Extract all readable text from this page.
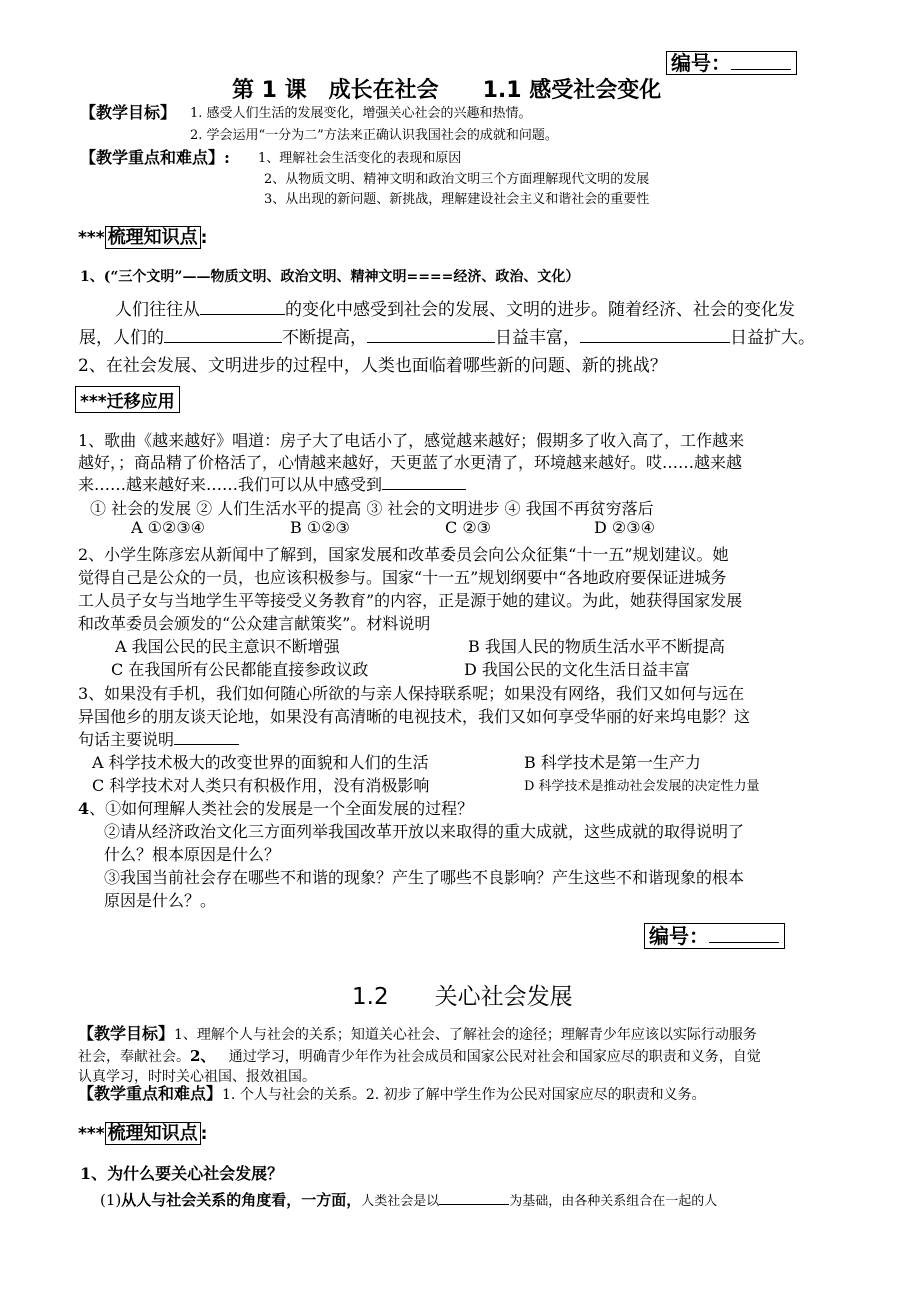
编号：
第 1 课　成长在社会　　1.1 感受社会变化
【教学目标】 1. 感受人们生活的发展变化，增强关心社会的兴趣和热情。
2. 学会运用“一分为二”方法来正确认识我国社会的成就和问题。
【教学重点和难点】: 1、理解社会生活变化的表现和原因
2、从物质文明、精神文明和政治文明三个方面理解现代文明的发展
3、从出现的新问题、新挑战，理解建设社会主义和谐社会的重要性
*** 梳理知识点 :
1、(“三个文明”——物质文明、政治文明、精神文明====经济、政治、文化）
人们往往从	的变化中感受到社会的发展、文明的进步。随着经济、社会的变化发
展，人们的	不断提高，	日益丰富，	日益扩大。
2、在社会发展、文明进步的过程中，人类也面临着哪些新的问题、新的挑战？
***迁移应用
1、歌曲《越来越好》唱道：房子大了电话小了，感觉越来越好；假期多了收入高了，工作越来
越好，；商品精了价格活了，心情越来越好，天更蓝了水更清了，环境越来越好。哎……越来越
来……越来越好来……我们可以从中感受到
① 社会的发展 ② 人们生活水平的提高 ③ 社会的文明进步 ④ 我国不再贫穷落后
A ①②③④	B ①②③	C ②③	D ②③④
2、小学生陈彦宏从新闻中了解到，国家发展和改革委员会向公众征集“十一五”规划建议。她
觉得自己是公众的一员，也应该积极参与。国家“十一五”规划纲要中“各地政府要保证进城务
工人员子女与当地学生平等接受义务教育”的内容，正是源于她的建议。为此，她获得国家发展
和改革委员会颁发的“公众建言献策奖”。材料说明
A 我国公民的民主意识不断增强	B 我国人民的物质生活水平不断提高
C 在我国所有公民都能直接参政议政	D 我国公民的文化生活日益丰富
3、如果没有手机，我们如何随心所欲的与亲人保持联系呢；如果没有网络，我们又如何与远在
异国他乡的朋友谈天论地，如果没有高清晰的电视技术，我们又如何享受华丽的好来坞电影？这
句话主要说明
A 科学技术极大的改变世界的面貌和人们的生活	B 科学技术是第一生产力
C 科学技术对人类只有积极作用，没有消极影响	D 科学技术是推动社会发展的决定性力量
4、①如何理解人类社会的发展是一个全面发展的过程？
②请从经济政治文化三方面列举我国改革开放以来取得的重大成就，这些成就的取得说明了
什么？根本原因是什么？
③我国当前社会存在哪些不和谐的现象？产生了哪些不良影响？产生这些不和谐现象的根本
原因是什么？。
编号：
1.2　　关心社会发展
【教学目标】1、理解个人与社会的关系；知道关心社会、了解社会的途径；理解青少年应该以实际行动服务
社会，奉献社会。2、   通过学习，明确青少年作为社会成员和国家公民对社会和国家应尽的职责和义务，自觉
认真学习，时时关心祖国、报效祖国。
【教学重点和难点】1. 个人与社会的关系。2. 初步了解中学生作为公民对国家应尽的职责和义务。
*** 梳理知识点 :
1、为什么要关心社会发展？
(1)从人与社会关系的角度看，一方面，人类社会是以	为基础，由各种关系组合在一起的人
